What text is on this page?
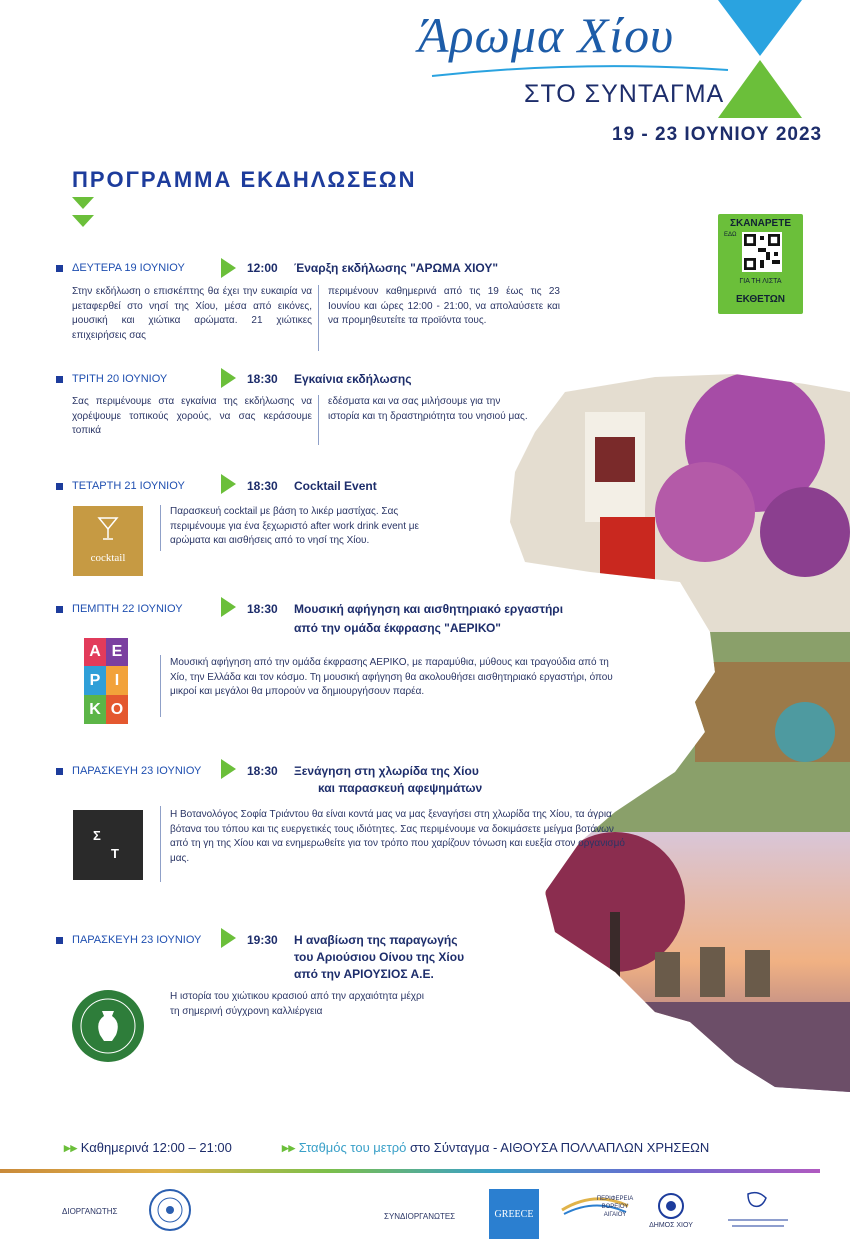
Άρωμα Χίου
ΣΤΟ ΣΥΝΤΑΓΜΑ
19 - 23 ΙΟΥΝΙΟΥ 2023
ΠΡΟΓΡΑΜΜΑ ΕΚΔΗΛΩΣΕΩΝ
ΣΚΑΝΑΡΕΤΕ
ΕΔΩ
ΓΙΑ ΤΗ ΛΙΣΤΑ
ΕΚΘΕΤΩΝ
ΔΕΥΤΕΡΑ 19 ΙΟΥΝΙΟΥ	12:00 Έναρξη εκδήλωσης "ΑΡΩΜΑ ΧΙΟΥ"
Στην εκδήλωση ο επισκέπτης θα έχει την ευκαιρία να μεταφερθεί στο νησί της Χίου, μέσα από εικόνες, μουσική και χιώτικα αρώματα. 21 χιώτικες επιχειρήσεις σας
περιμένουν καθημερινά από τις 19 έως τις 23 Ιουνίου και ώρες 12:00 - 21:00, να απολαύσετε και να προμηθευτείτε τα προϊόντα τους.
ΤΡΙΤΗ 20 ΙΟΥΝΙΟΥ	18:30 Εγκαίνια εκδήλωσης
Σας περιμένουμε στα εγκαίνια της εκδήλωσης να χορέψουμε τοπικούς χορούς, να σας κεράσουμε τοπικά
εδέσματα και να σας μιλήσουμε για την ιστορία και τη δραστηριότητα του νησιού μας.
ΤΕΤΑΡΤΗ 21 ΙΟΥΝΙΟΥ	18:30 Cocktail Event
cocktail
Παρασκευή cocktail με βάση το λικέρ μαστίχας. Σας περιμένουμε για ένα ξεχωριστό after work drink event με αρώματα και αισθήσεις από το νησί της Χίου.
ΠΕΜΠΤΗ 22 ΙΟΥΝΙΟΥ	18:30 Μουσική αφήγηση και αισθητηριακό εργαστήρι
από την ομάδα έκφρασης "ΑΕΡΙΚΟ"
Α Ε
Ρ Ι
Κ Ο
Μουσική αφήγηση από την ομάδα έκφρασης ΑΕΡΙΚΟ, με παραμύθια, μύθους και τραγούδια από τη Χίο, την Ελλάδα και τον κόσμο. Τη μουσική αφήγηση θα ακολουθήσει αισθητηριακό εργαστήρι, όπου μικροί και μεγάλοι θα μπορούν να δημιουργήσουν παρέα.
ΠΑΡΑΣΚΕΥΗ 23 ΙΟΥΝΙΟΥ	18:30 Ξενάγηση στη χλωρίδα της Χίου
και παρασκευή αφεψημάτων
Σ
Τ
Η Βοτανολόγος Σοφία Τριάντου θα είναι κοντά μας να μας ξεναγήσει στη χλωρίδα της Χίου, τα άγρια βότανα του τόπου και τις ευεργετικές τους ιδιότητες. Σας περιμένουμε να δοκιμάσετε μείγμα βοτάνων από τη γη της Χίου και να ενημερωθείτε για τον τρόπο που χαρίζουν τόνωση και ευεξία στον οργανισμό μας.
ΠΑΡΑΣΚΕΥΗ 23 ΙΟΥΝΙΟΥ	19:30 Η αναβίωση της παραγωγής
του Αριούσιου Οίνου της Χίου
από την ΑΡΙΟΥΣΙΟΣ Α.Ε.
Η ιστορία του χιώτικου κρασιού από την αρχαιότητα μέχρι τη σημερινή σύγχρονη καλλιέργεια
▸▸ Καθημερινά 12:00 – 21:00	▸▸ Σταθμός του μετρό στο Σύνταγμα - ΑΙΘΟΥΣΑ ΠΟΛΛΑΠΛΩΝ ΧΡΗΣΕΩΝ
ΔΙΟΡΓΑΝΩΤΗΣ
ΣΥΝΔΙΟΡΓΑΝΩΤΕΣ	GREECE
ΠΕΡΙΦΕΡΕΙΑ
ΒΟΡΕΙΟΥ
ΑΙΓΑΙΟΥ
ΔΗΜΟΣ ΧΙΟΥ
